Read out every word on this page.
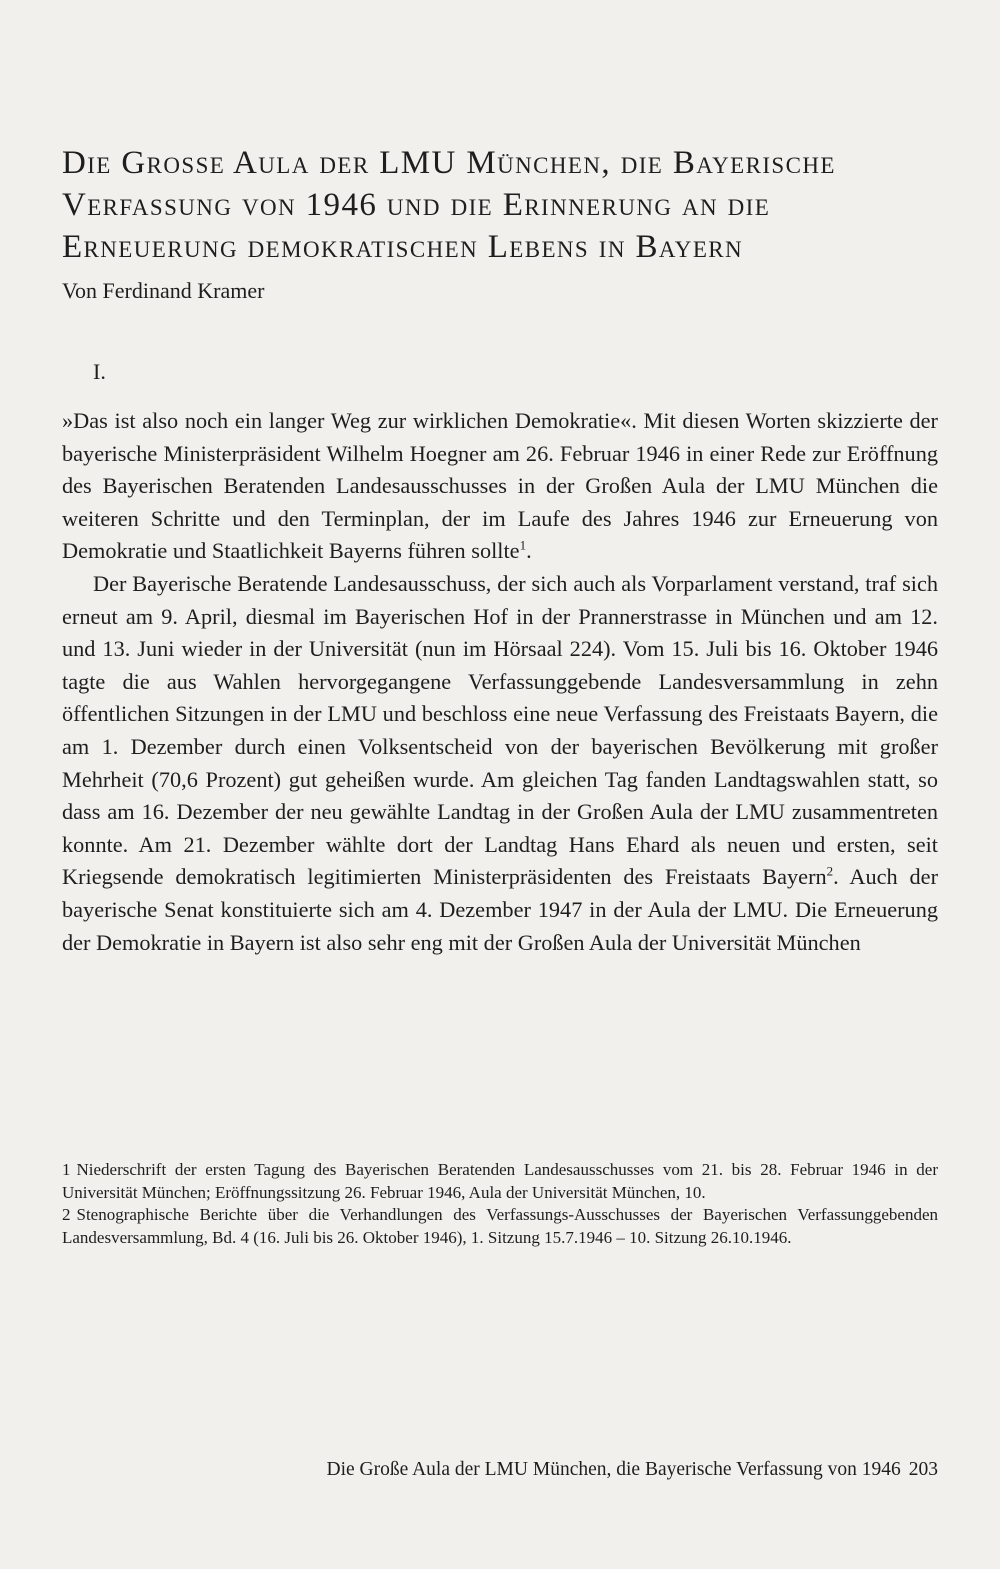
Die Grosse Aula der LMU München, die Bayerische
Verfassung von 1946 und die Erinnerung an die
Erneuerung demokratischen Lebens in Bayern

Von Ferdinand Kramer

I.

»Das ist also noch ein langer Weg zur wirklichen Demokratie«. Mit diesen Worten skizzierte der bayerische Ministerpräsident Wilhelm Hoegner am 26. Februar 1946 in einer Rede zur Eröffnung des Bayerischen Beratenden Landesausschusses in der Großen Aula der LMU München die weiteren Schritte und den Terminplan, der im Laufe des Jahres 1946 zur Erneuerung von Demokratie und Staatlichkeit Bayerns führen sollte$^1$.

Der Bayerische Beratende Landesausschuss, der sich auch als Vorparlament verstand, traf sich erneut am 9. April, diesmal im Bayerischen Hof in der Prannerstrasse in München und am 12. und 13. Juni wieder in der Universität (nun im Hörsaal 224). Vom 15. Juli bis 16. Oktober 1946 tagte die aus Wahlen hervorgegangene Verfassunggebende Landesversammlung in zehn öffentlichen Sitzungen in der LMU und beschloss eine neue Verfassung des Freistaats Bayern, die am 1. Dezember durch einen Volksentscheid von der bayerischen Bevölkerung mit großer Mehrheit (70,6 Prozent) gut geheißen wurde. Am gleichen Tag fanden Landtagswahlen statt, so dass am 16. Dezember der neu gewählte Landtag in der Großen Aula der LMU zusammentreten konnte. Am 21. Dezember wählte dort der Landtag Hans Ehard als neuen und ersten, seit Kriegsende demokratisch legitimierten Ministerpräsidenten des Freistaats Bayern$^2$. Auch der bayerische Senat konstituierte sich am 4. Dezember 1947 in der Aula der LMU. Die Erneuerung der Demokratie in Bayern ist also sehr eng mit der Großen Aula der Universität München

1 Niederschrift der ersten Tagung des Bayerischen Beratenden Landesausschusses vom 21. bis 28. Februar 1946 in der Universität München; Eröffnungssitzung 26. Februar 1946, Aula der Universität München, 10.

2 Stenographische Berichte über die Verhandlungen des Verfassungs-Ausschusses der Bayerischen Verfassunggebenden Landesversammlung, Bd. 4 (16. Juli bis 26. Oktober 1946), 1. Sitzung 15.7.1946 – 10. Sitzung 26.10.1946.

Die Große Aula der LMU München, die Bayerische Verfassung von 1946 203
